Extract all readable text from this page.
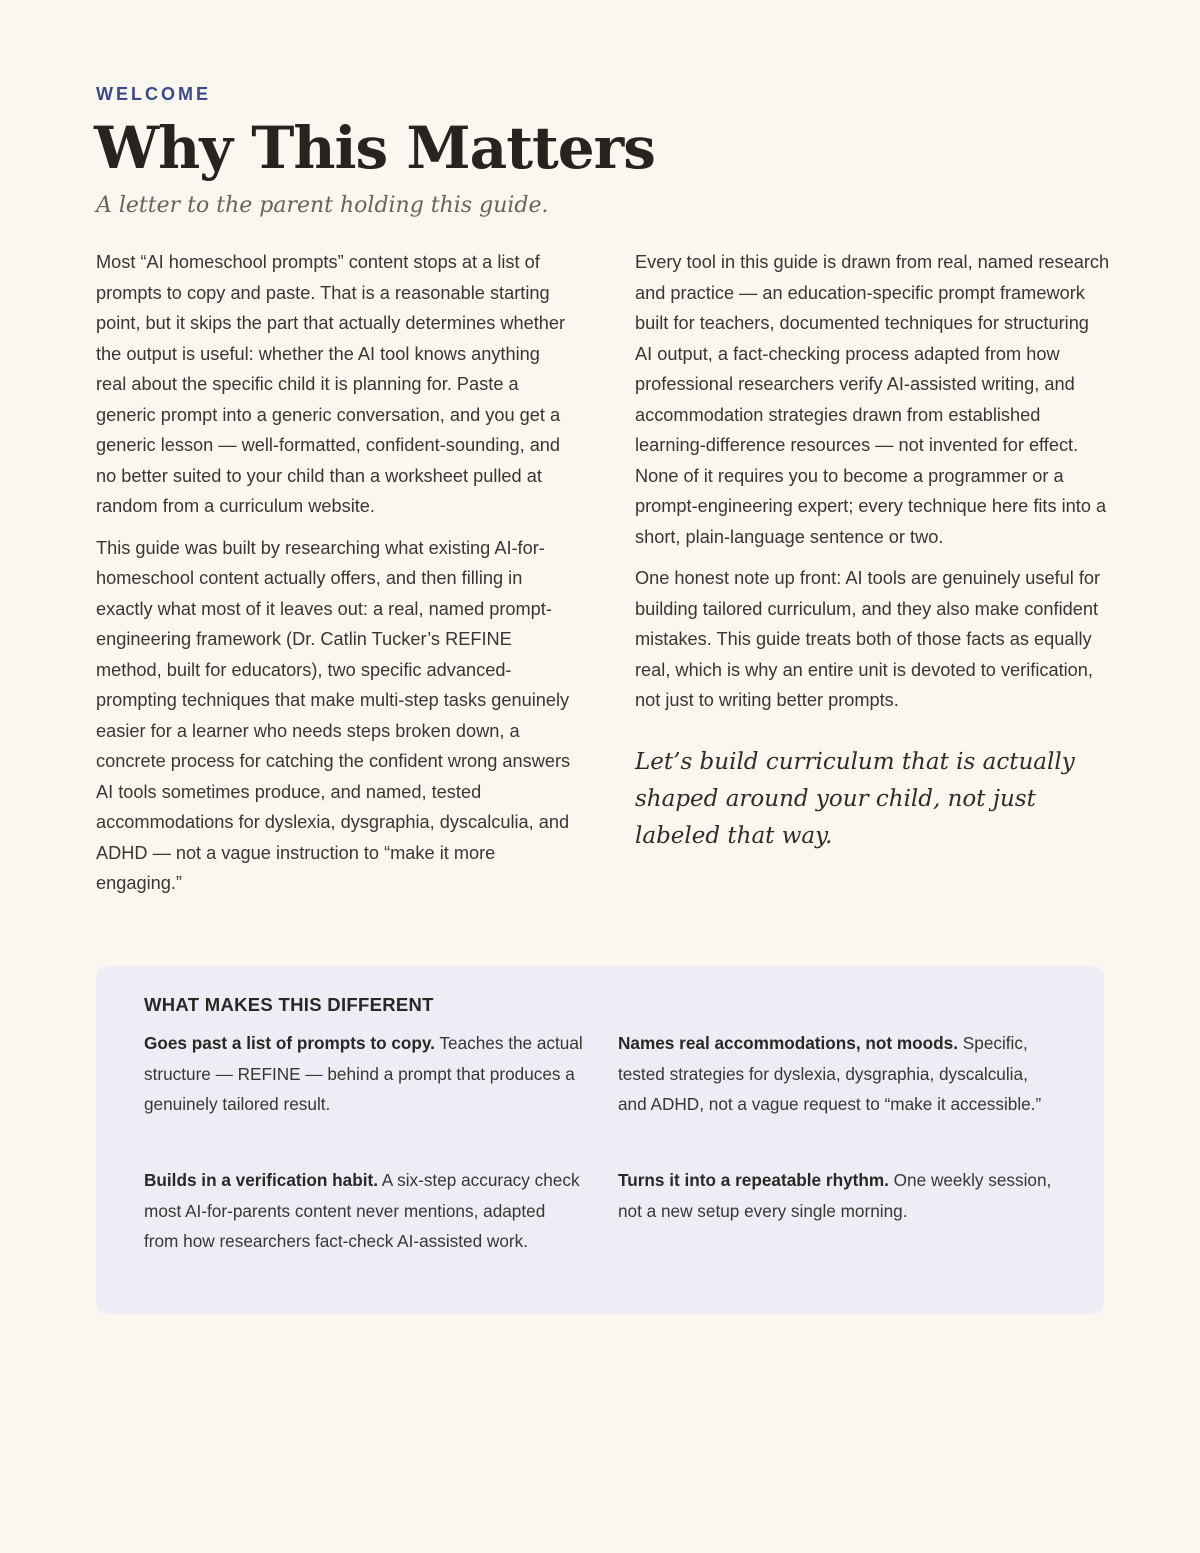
WELCOME
Why This Matters
A letter to the parent holding this guide.

Most “AI homeschool prompts” content stops at a list of prompts to copy and paste. That is a reasonable starting point, but it skips the part that actually determines whether the output is useful: whether the AI tool knows anything real about the specific child it is planning for. Paste a generic prompt into a generic conversation, and you get a generic lesson — well-formatted, confident-sounding, and no better suited to your child than a worksheet pulled at random from a curriculum website.

This guide was built by researching what existing AI-for-homeschool content actually offers, and then filling in exactly what most of it leaves out: a real, named prompt-engineering framework (Dr. Catlin Tucker’s REFINE method, built for educators), two specific advanced-prompting techniques that make multi-step tasks genuinely easier for a learner who needs steps broken down, a concrete process for catching the confident wrong answers AI tools sometimes produce, and named, tested accommodations for dyslexia, dysgraphia, dyscalculia, and ADHD — not a vague instruction to “make it more engaging.”

Every tool in this guide is drawn from real, named research and practice — an education-specific prompt framework built for teachers, documented techniques for structuring AI output, a fact-checking process adapted from how professional researchers verify AI-assisted writing, and accommodation strategies drawn from established learning-difference resources — not invented for effect. None of it requires you to become a programmer or a prompt-engineering expert; every technique here fits into a short, plain-language sentence or two.

One honest note up front: AI tools are genuinely useful for building tailored curriculum, and they also make confident mistakes. This guide treats both of those facts as equally real, which is why an entire unit is devoted to verification, not just to writing better prompts.

Let’s build curriculum that is actually shaped around your child, not just labeled that way.
WHAT MAKES THIS DIFFERENT
Goes past a list of prompts to copy. Teaches the actual structure — REFINE — behind a prompt that produces a genuinely tailored result.
Names real accommodations, not moods. Specific, tested strategies for dyslexia, dysgraphia, dyscalculia, and ADHD, not a vague request to “make it accessible.”
Builds in a verification habit. A six-step accuracy check most AI-for-parents content never mentions, adapted from how researchers fact-check AI-assisted work.
Turns it into a repeatable rhythm. One weekly session, not a new setup every single morning.
